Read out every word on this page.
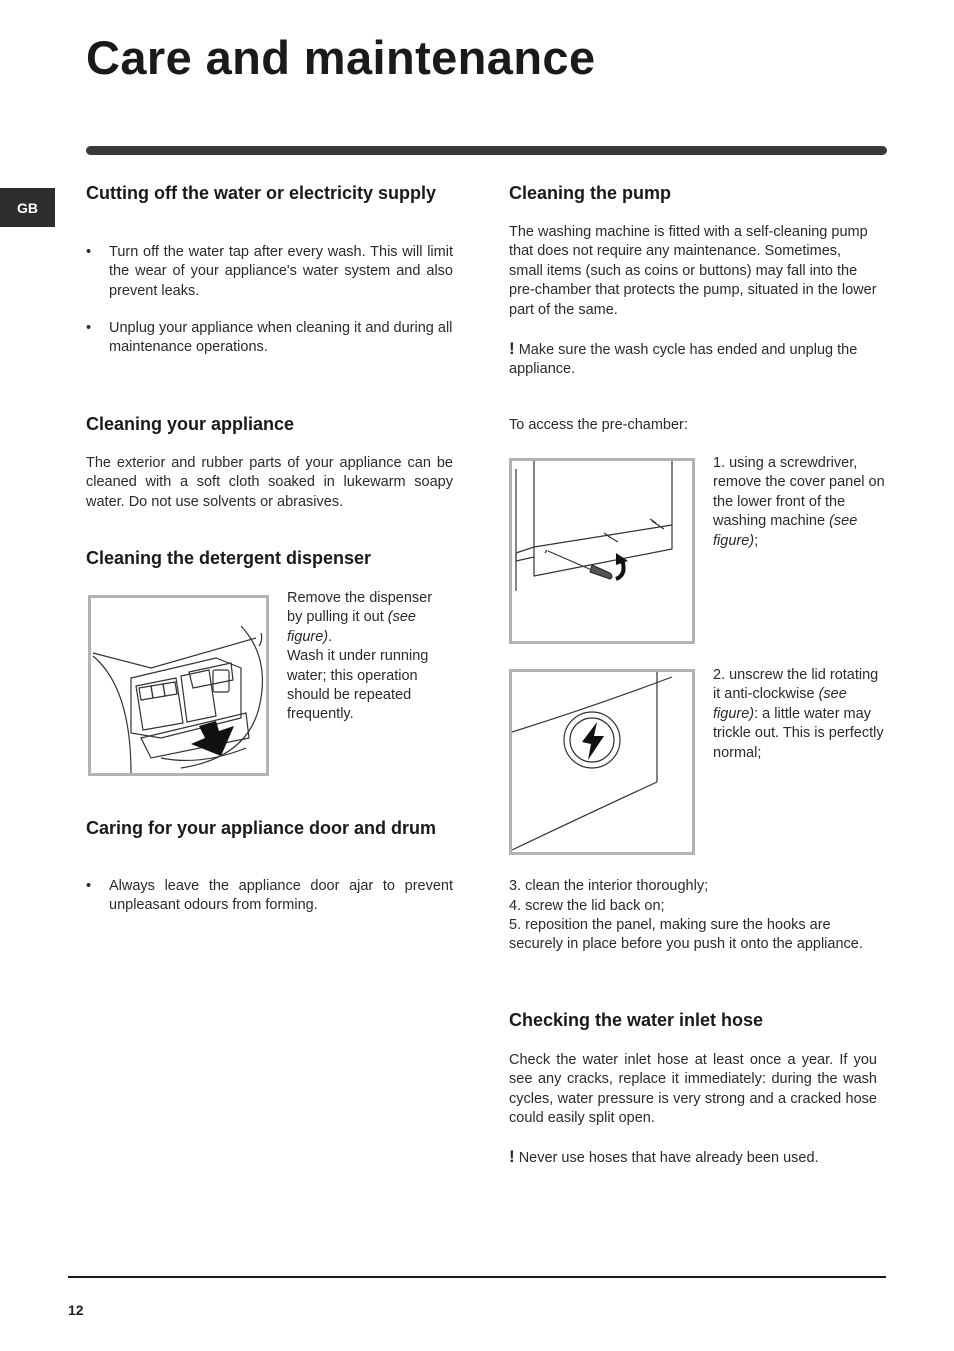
Care and maintenance
GB
Cutting off the water or electricity supply
• Turn off the water tap after every wash. This will limit the wear of your appliance's water system and also prevent leaks.
• Unplug your appliance when cleaning it and during all maintenance operations.
Cleaning your appliance

The exterior and rubber parts of your appliance can be cleaned with a soft cloth soaked in lukewarm soapy water. Do not use solvents or abrasives.

Cleaning the detergent dispenser

Remove the dispenser by pulling it out (see figure).
Wash it under running water; this operation should be repeated frequently.

Caring for your appliance door and drum
• Always leave the appliance door ajar to prevent unpleasant odours from forming.
Cleaning the pump

The washing machine is fitted with a self-cleaning pump that does not require any maintenance. Sometimes, small items (such as coins or buttons) may fall into the pre-chamber that protects the pump, situated in the lower part of the same.

! Make sure the wash cycle has ended and unplug the appliance.

To access the pre-chamber:

1. using a screwdriver, remove the cover panel on the lower front of the washing machine (see figure);

2. unscrew the lid rotating it anti-clockwise (see figure): a little water may trickle out. This is perfectly normal;

3. clean the interior thoroughly;

4. screw the lid back on;

5. reposition the panel, making sure the hooks are securely in place before you push it onto the appliance.

Checking the water inlet hose

Check the water inlet hose at least once a year. If you see any cracks, replace it immediately: during the wash cycles, water pressure is very strong and a cracked hose could easily split open.

! Never use hoses that have already been used.

12
